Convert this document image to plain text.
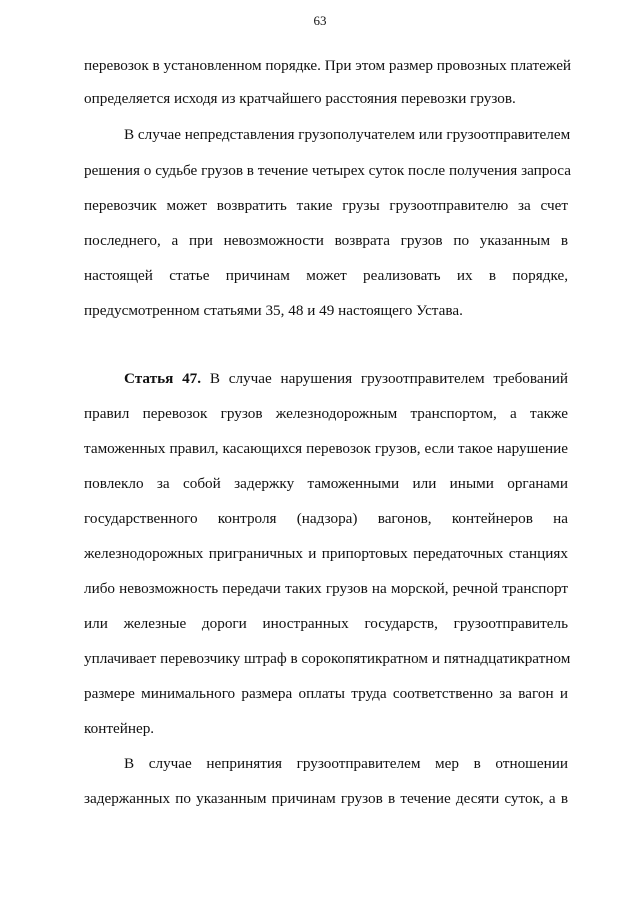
63
перевозок в установленном порядке. При этом размер провозных платежей
определяется исходя из кратчайшего расстояния перевозки грузов.
В случае непредставления грузополучателем или грузоотправителем
решения о судьбе грузов в течение четырех суток после получения запроса
перевозчик может возвратить такие грузы грузоотправителю за счет
последнего, а при невозможности возврата грузов по указанным в
настоящей статье причинам может реализовать их в порядке,
предусмотренном статьями 35, 48 и 49 настоящего Устава.
Статья 47. В случае нарушения грузоотправителем требований
правил перевозок грузов железнодорожным транспортом, а также
таможенных правил, касающихся перевозок грузов, если такое нарушение
повлекло за собой задержку таможенными или иными органами
государственного контроля (надзора) вагонов, контейнеров на
железнодорожных приграничных и припортовых передаточных станциях
либо невозможность передачи таких грузов на морской, речной транспорт
или железные дороги иностранных государств, грузоотправитель
уплачивает перевозчику штраф в сорокопятикратном и пятнадцатикратном
размере минимального размера оплаты труда соответственно за вагон и
контейнер.
В случае непринятия грузоотправителем мер в отношении
задержанных по указанным причинам грузов в течение десяти суток, а в
